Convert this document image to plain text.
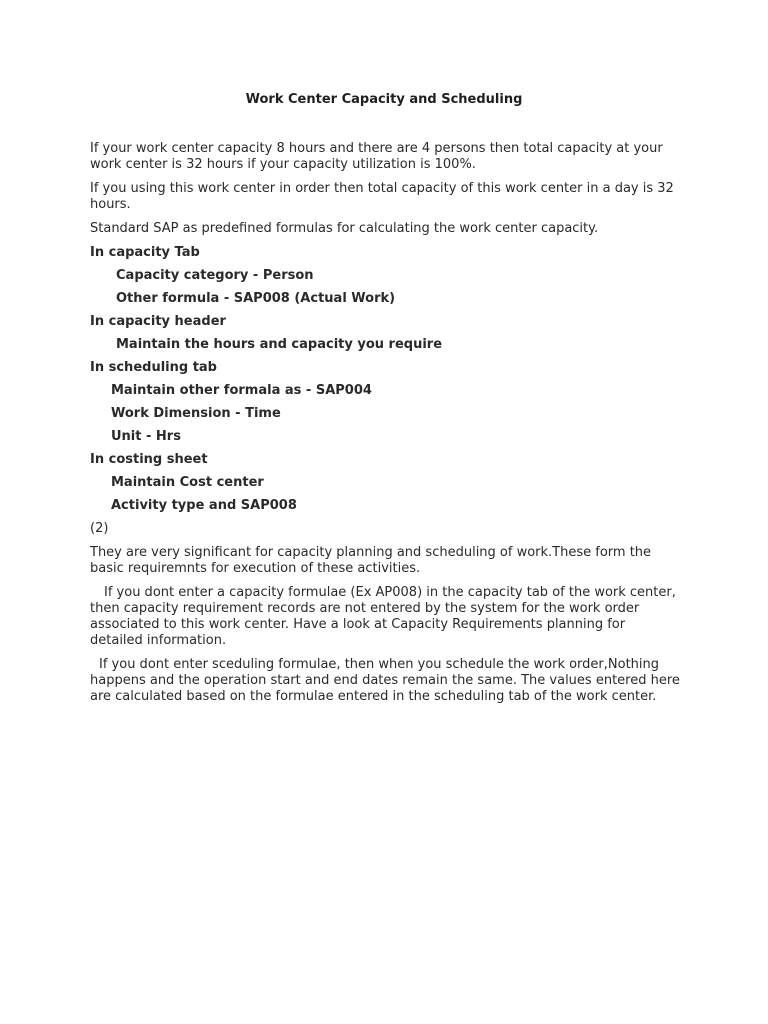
Work Center Capacity and Scheduling

If your work center capacity 8 hours and there are 4 persons then total capacity at your work center is 32 hours if your capacity utilization is 100%.

If you using this work center in order then total capacity of this work center in a day is 32 hours.

Standard SAP as predefined formulas for calculating the work center capacity.

In capacity Tab
Capacity category - Person
Other formula - SAP008 (Actual Work)
In capacity header
Maintain the hours and capacity you require
In scheduling tab
Maintain other formala as - SAP004
Work Dimension - Time
Unit - Hrs
In costing sheet
Maintain Cost center
Activity type and SAP008
(2)

They are very significant for capacity planning and scheduling of work.These form the basic requiremnts for execution of these activities.

If you dont enter a capacity formulae (Ex AP008) in the capacity tab of the work center, then capacity requirement records are not entered by the system for the work order associated to this work center. Have a look at Capacity Requirements planning for detailed information.

If you dont enter sceduling formulae, then when you schedule the work order,Nothing happens and the operation start and end dates remain the same. The values entered here are calculated based on the formulae entered in the scheduling tab of the work center.
